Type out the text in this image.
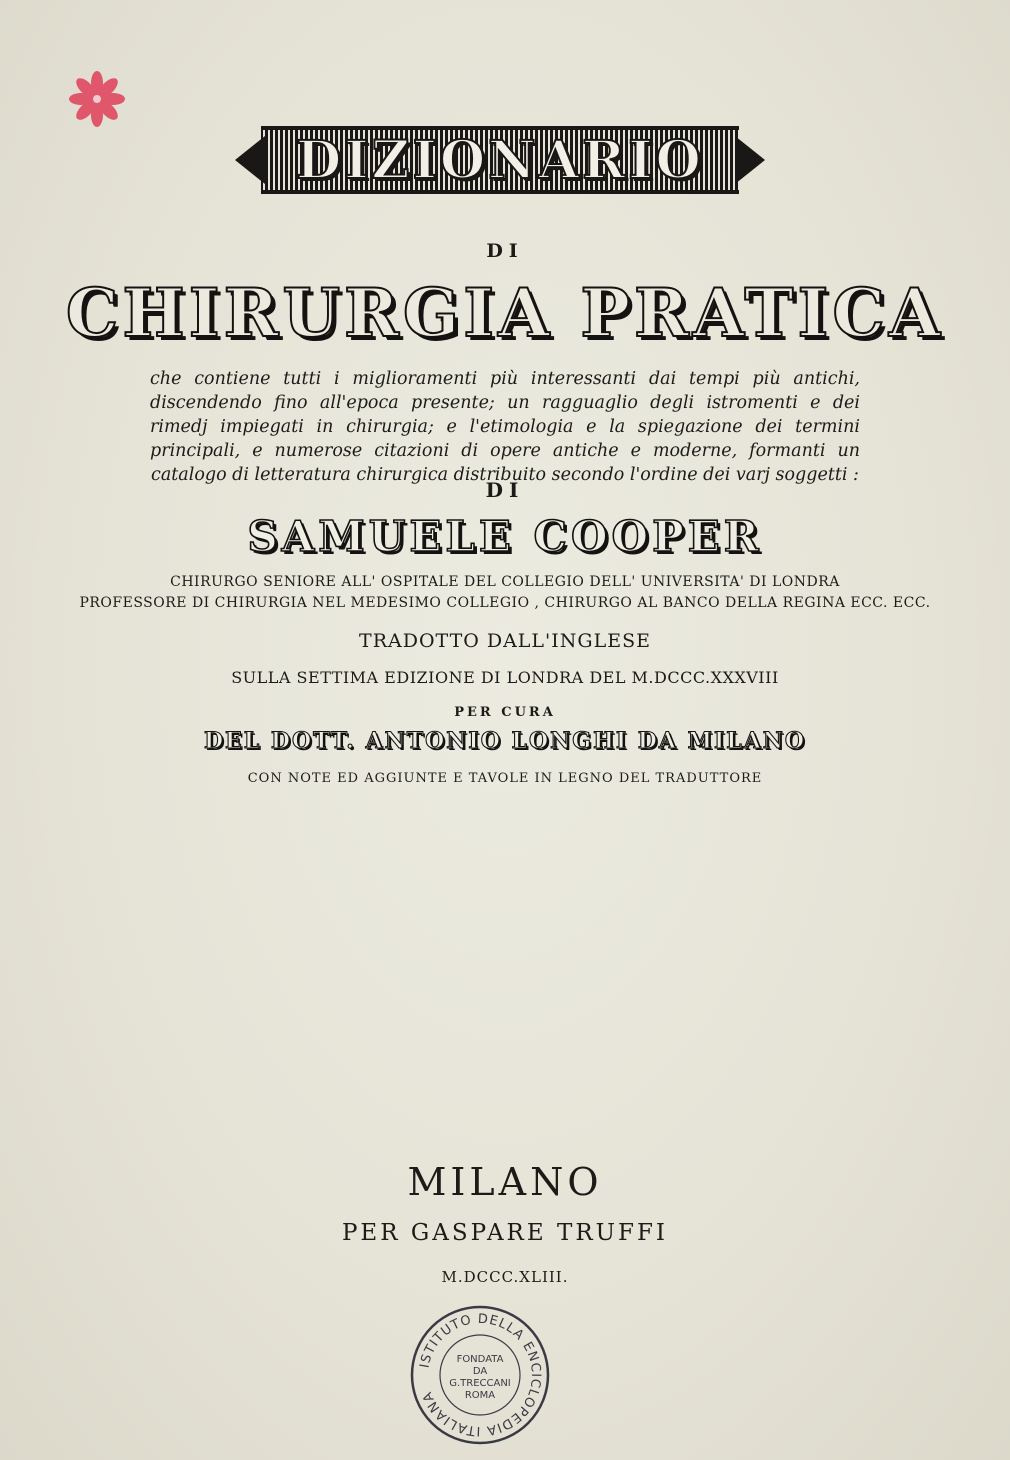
DIZIONARIO
DI
CHIRURGIA PRATICA
che contiene tutti i miglioramenti più interessanti dai tempi più antichi, discendendo fino all'epoca presente; un ragguaglio degli istromenti e dei rimedj impiegati in chirurgia; e l'etimologia e la spiegazione dei termini principali, e numerose citazioni di opere antiche e moderne, formanti un catalogo di letteratura chirurgica distribuito secondo l'ordine dei varj soggetti :
DI
SAMUELE COOPER
CHIRURGO SENIORE ALL' OSPITALE DEL COLLEGIO DELL' UNIVERSITA' DI LONDRA
PROFESSORE DI CHIRURGIA NEL MEDESIMO COLLEGIO , CHIRURGO AL BANCO DELLA REGINA ECC. ECC.
TRADOTTO DALL'INGLESE
SULLA SETTIMA EDIZIONE DI LONDRA DEL M.DCCC.XXXVIII
PER CURA
DEL DOTT. ANTONIO LONGHI DA MILANO
CON NOTE ED AGGIUNTE E TAVOLE IN LEGNO DEL TRADUTTORE
MILANO
PER GASPARE TRUFFI
M.DCCC.XLIII.
ISTITUTO DELLA ENCICLOPEDIA ITALIANA
FONDATA
DA
G.TRECCANI
ROMA
